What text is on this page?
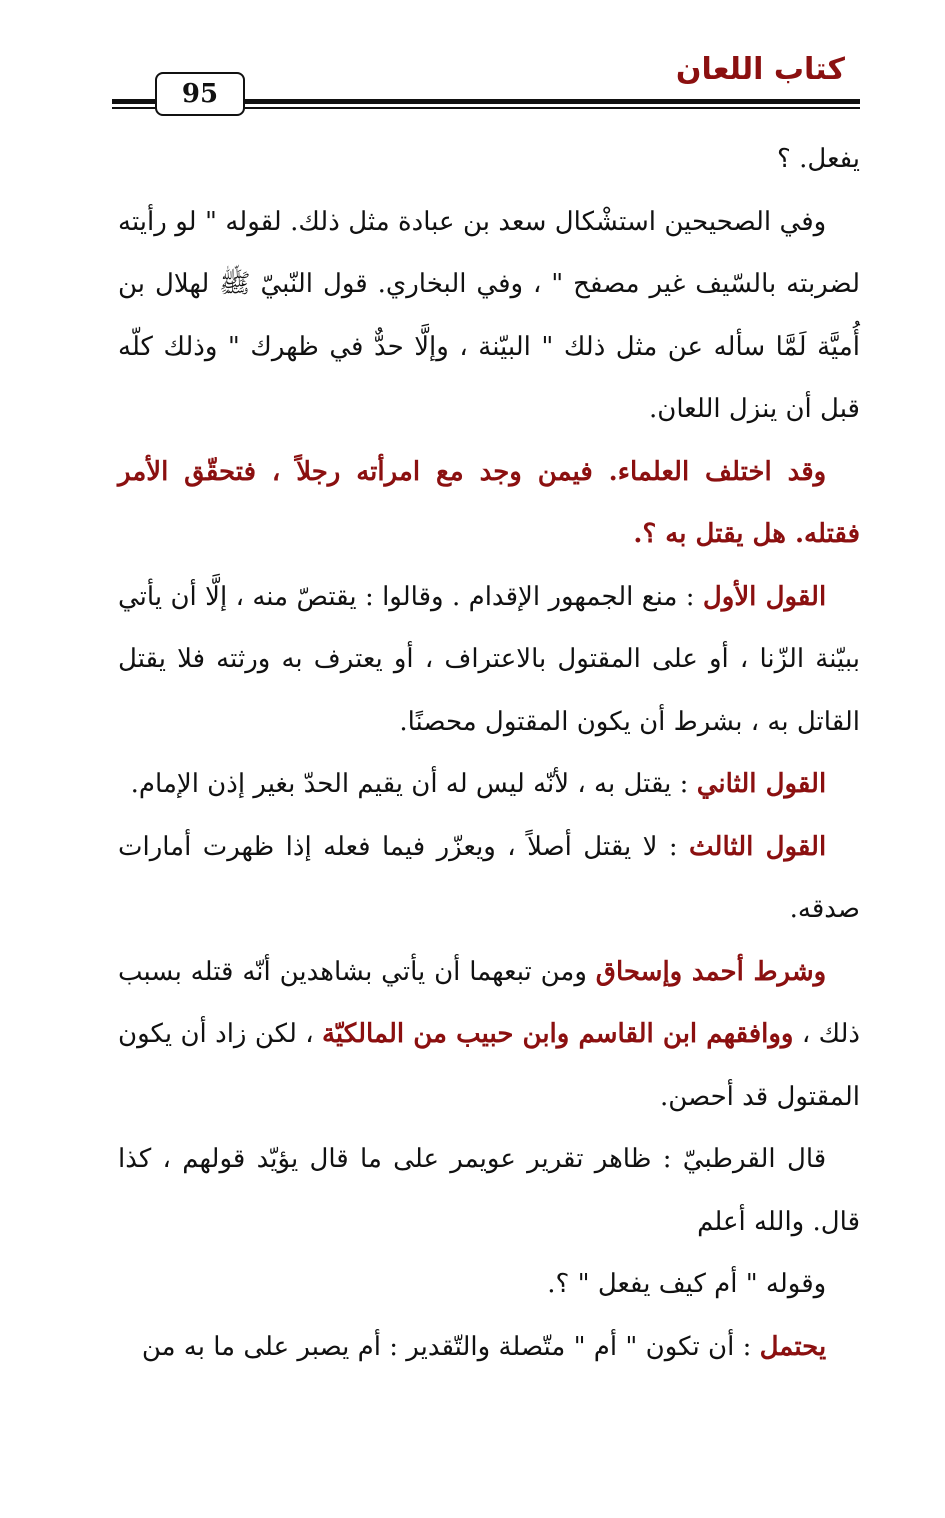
كتاب اللعان
95

يفعل. ؟

وفي الصحيحين استشْكال سعد بن عبادة مثل ذلك. لقوله " لو رأيته لضربته بالسّيف غير مصفح " ، وفي البخاري. قول النّبيّ ﷺ لهلال بن أُميَّة لَمَّا سأله عن مثل ذلك " البيّنة ، وإلَّا حدٌّ في ظهرك " وذلك كلّه قبل أن ينزل اللعان.

وقد اختلف العلماء. فيمن وجد مع امرأته رجلاً ، فتحقّق الأمر فقتله. هل يقتل به ؟.

القول الأول : منع الجمهور الإقدام . وقالوا : يقتصّ منه ، إلَّا أن يأتي ببيّنة الزّنا ، أو على المقتول بالاعتراف ، أو يعترف به ورثته فلا يقتل القاتل به ، بشرط أن يكون المقتول محصنًا.

القول الثاني : يقتل به ، لأنّه ليس له أن يقيم الحدّ بغير إذن الإمام.

القول الثالث : لا يقتل أصلاً ، ويعزّر فيما فعله إذا ظهرت أمارات صدقه.

وشرط أحمد وإسحاق ومن تبعهما أن يأتي بشاهدين أنّه قتله بسبب ذلك ، ووافقهم ابن القاسم وابن حبيب من المالكيّة ، لكن زاد أن يكون المقتول قد أحصن.

قال القرطبيّ : ظاهر تقرير عويمر على ما قال يؤيّد قولهم ، كذا قال. والله أعلم

وقوله " أم كيف يفعل " ؟.

يحتمل : أن تكون " أم " متّصلة والتّقدير : أم يصبر على ما به من
